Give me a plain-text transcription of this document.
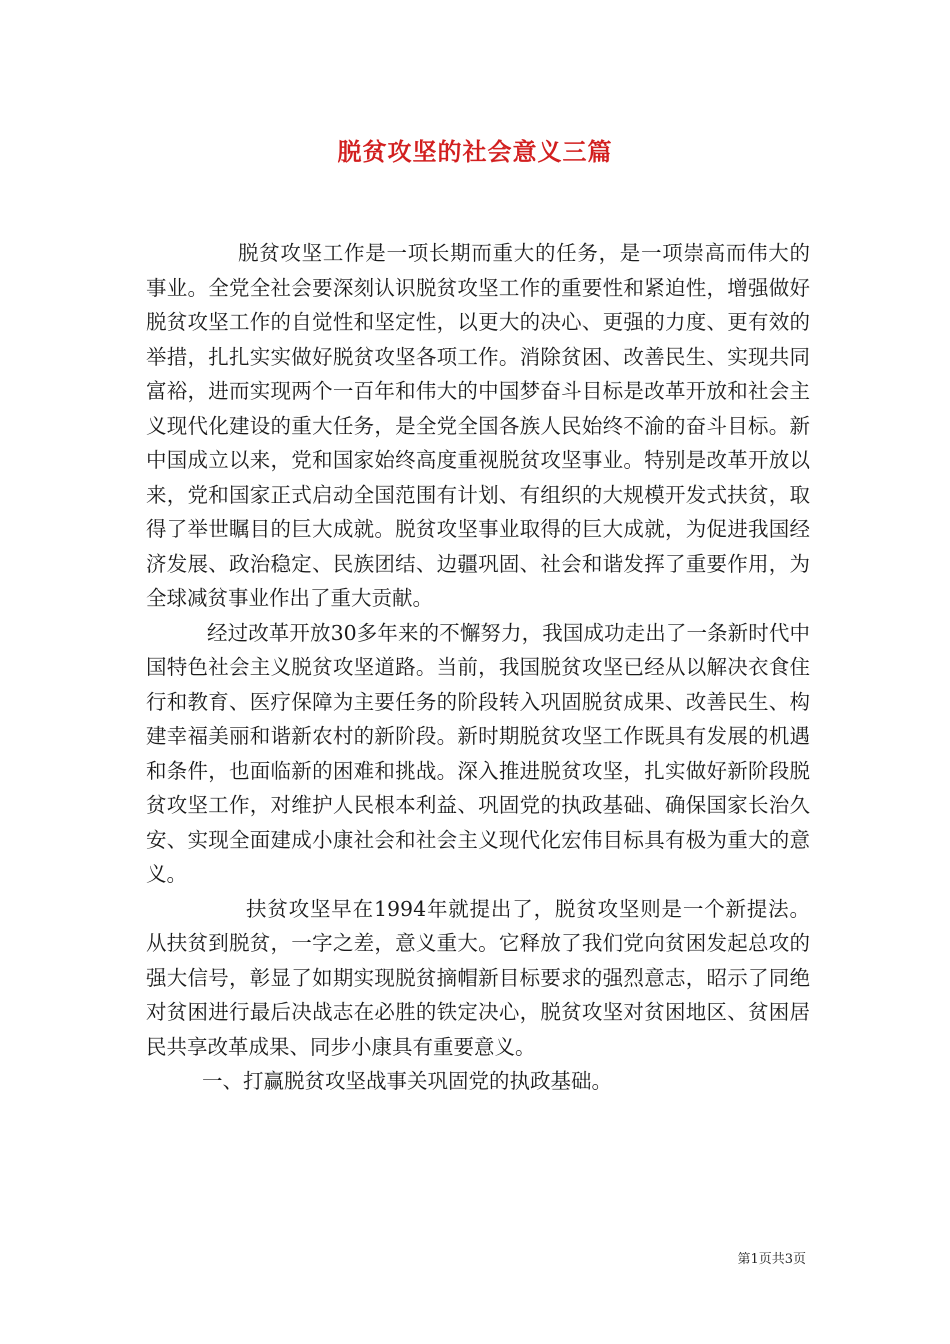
脱贫攻坚的社会意义三篇

脱贫攻坚工作是一项长期而重大的任务，是一项崇高而伟大的事业。全党全社会要深刻认识脱贫攻坚工作的重要性和紧迫性，增强做好脱贫攻坚工作的自觉性和坚定性，以更大的决心、更强的力度、更有效的举措，扎扎实实做好脱贫攻坚各项工作。消除贫困、改善民生、实现共同富裕，进而实现两个一百年和伟大的中国梦奋斗目标是改革开放和社会主义现代化建设的重大任务，是全党全国各族人民始终不渝的奋斗目标。新中国成立以来，党和国家始终高度重视脱贫攻坚事业。特别是改革开放以来，党和国家正式启动全国范围有计划、有组织的大规模开发式扶贫，取得了举世瞩目的巨大成就。脱贫攻坚事业取得的巨大成就，为促进我国经济发展、政治稳定、民族团结、边疆巩固、社会和谐发挥了重要作用，为全球减贫事业作出了重大贡献。

经过改革开放30多年来的不懈努力，我国成功走出了一条新时代中国特色社会主义脱贫攻坚道路。当前，我国脱贫攻坚已经从以解决衣食住行和教育、医疗保障为主要任务的阶段转入巩固脱贫成果、改善民生、构建幸福美丽和谐新农村的新阶段。新时期脱贫攻坚工作既具有发展的机遇和条件，也面临新的困难和挑战。深入推进脱贫攻坚，扎实做好新阶段脱贫攻坚工作，对维护人民根本利益、巩固党的执政基础、确保国家长治久安、实现全面建成小康社会和社会主义现代化宏伟目标具有极为重大的意义。

扶贫攻坚早在1994年就提出了，脱贫攻坚则是一个新提法。从扶贫到脱贫，一字之差，意义重大。它释放了我们党向贫困发起总攻的强大信号，彰显了如期实现脱贫摘帽新目标要求的强烈意志，昭示了同绝对贫困进行最后决战志在必胜的铁定决心，脱贫攻坚对贫困地区、贫困居民共享改革成果、同步小康具有重要意义。

一、打赢脱贫攻坚战事关巩固党的执政基础。

第1页共3页
